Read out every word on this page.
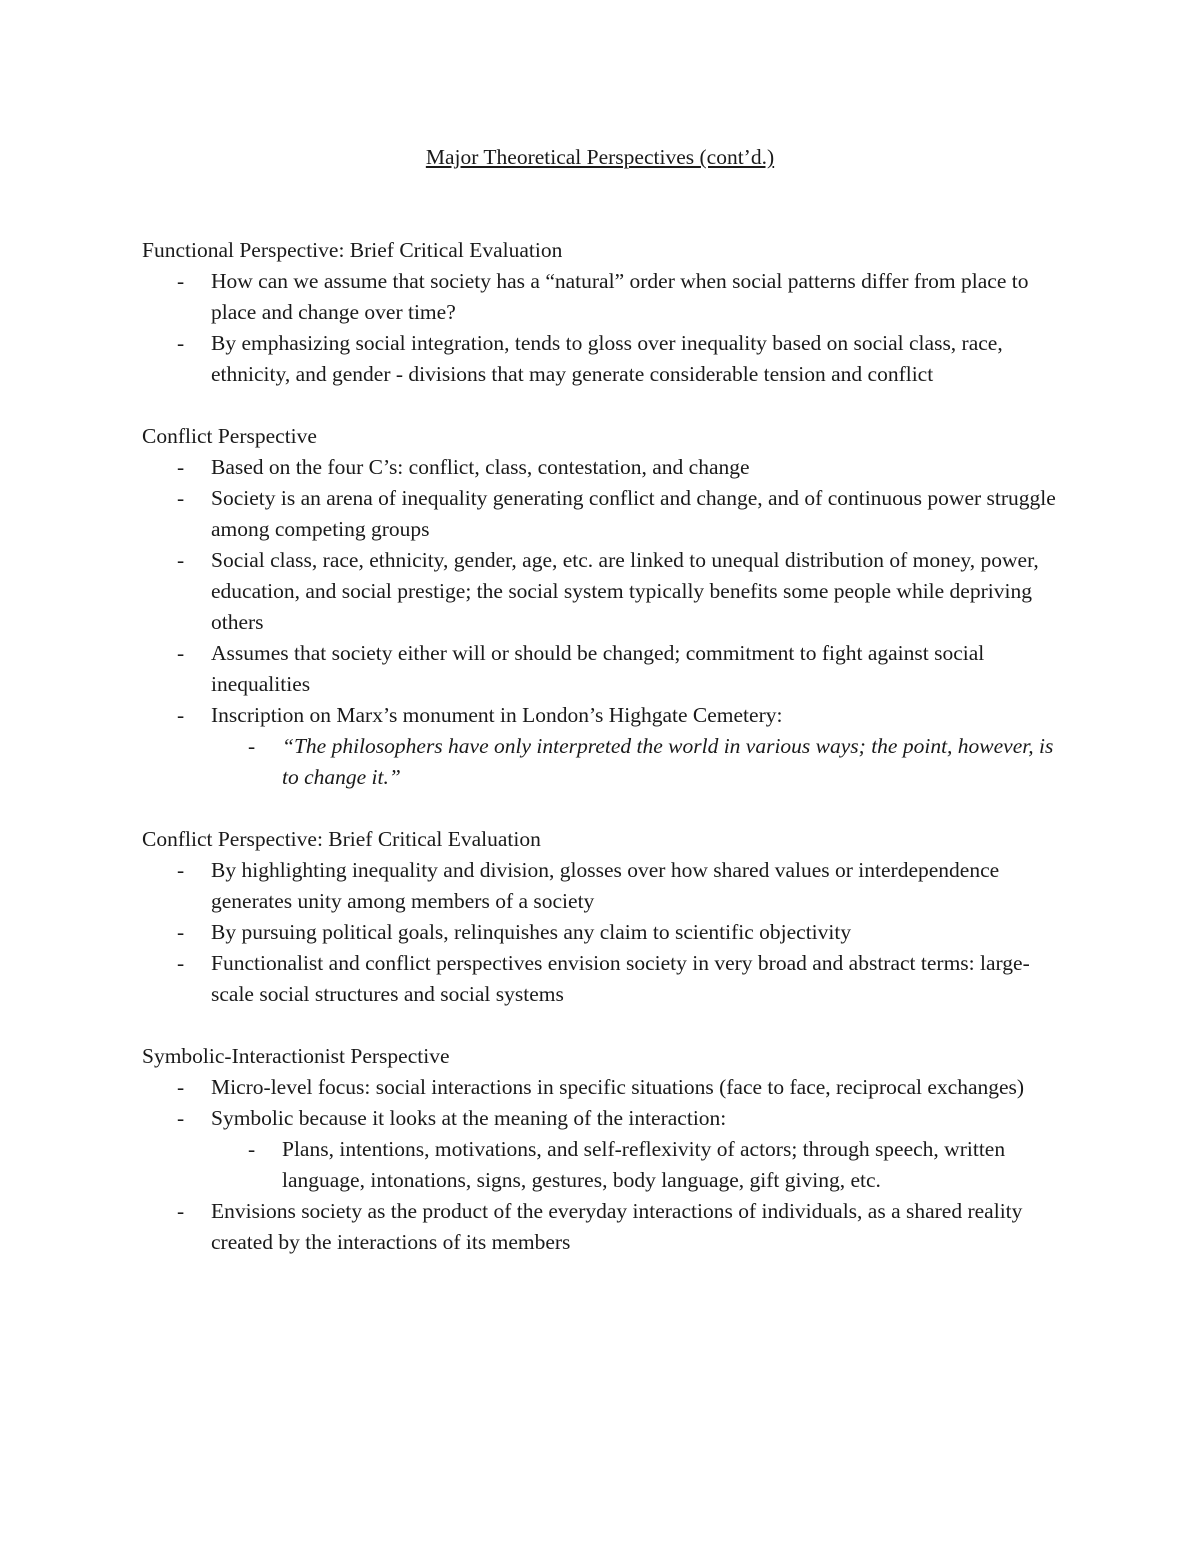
Major Theoretical Perspectives (cont’d.)

Functional Perspective: Brief Critical Evaluation

- How can we assume that society has a “natural” order when social patterns differ from place to place and change over time?
- By emphasizing social integration, tends to gloss over inequality based on social class, race, ethnicity, and gender - divisions that may generate considerable tension and conflict

Conflict Perspective

- Based on the four C’s: conflict, class, contestation, and change
- Society is an arena of inequality generating conflict and change, and of continuous power struggle among competing groups
- Social class, race, ethnicity, gender, age, etc. are linked to unequal distribution of money, power, education, and social prestige; the social system typically benefits some people while depriving others
- Assumes that society either will or should be changed; commitment to fight against social inequalities
- Inscription on Marx’s monument in London’s Highgate Cemetery:
- “The philosophers have only interpreted the world in various ways; the point, however, is to change it.”

Conflict Perspective: Brief Critical Evaluation

- By highlighting inequality and division, glosses over how shared values or interdependence generates unity among members of a society
- By pursuing political goals, relinquishes any claim to scientific objectivity
- Functionalist and conflict perspectives envision society in very broad and abstract terms: large-scale social structures and social systems

Symbolic-Interactionist Perspective

- Micro-level focus: social interactions in specific situations (face to face, reciprocal exchanges)
- Symbolic because it looks at the meaning of the interaction:
- Plans, intentions, motivations, and self-reflexivity of actors; through speech, written language, intonations, signs, gestures, body language, gift giving, etc.
- Envisions society as the product of the everyday interactions of individuals, as a shared reality created by the interactions of its members
